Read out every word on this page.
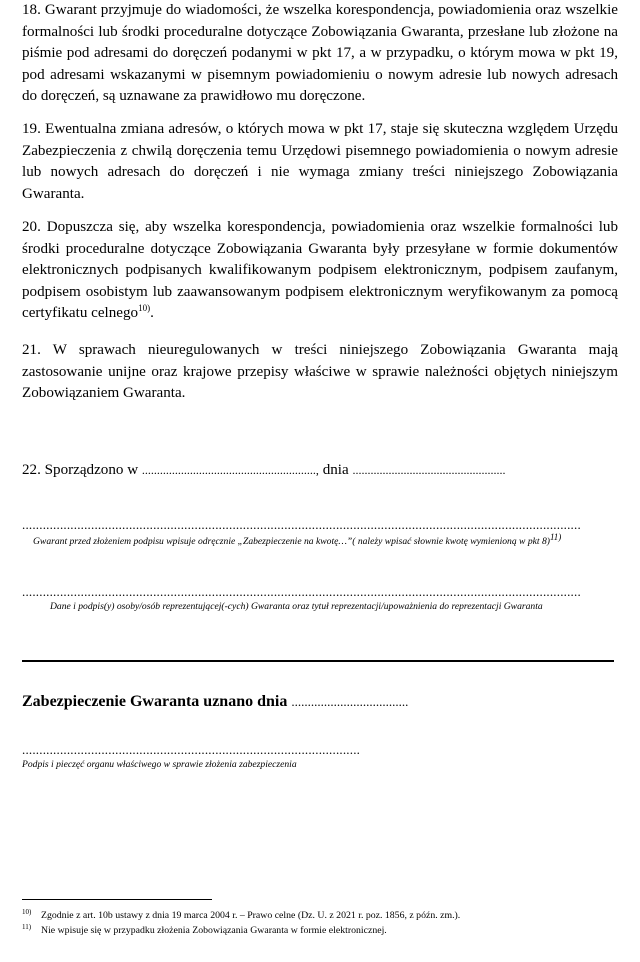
18. Gwarant przyjmuje do wiadomości, że wszelka korespondencja, powiadomienia oraz wszelkie formalności lub środki proceduralne dotyczące Zobowiązania Gwaranta, przesłane lub złożone na piśmie pod adresami do doręczeń podanymi w pkt 17, a w przypadku, o którym mowa w pkt 19, pod adresami wskazanymi w pisemnym powiadomieniu o nowym adresie lub nowych adresach do doręczeń, są uznawane za prawidłowo mu doręczone.

19. Ewentualna zmiana adresów, o których mowa w pkt 17, staje się skuteczna względem Urzędu Zabezpieczenia z chwilą doręczenia temu Urzędowi pisemnego powiadomienia o nowym adresie lub nowych adresach do doręczeń i nie wymaga zmiany treści niniejszego Zobowiązania Gwaranta.

20. Dopuszcza się, aby wszelka korespondencja, powiadomienia oraz wszelkie formalności lub środki proceduralne dotyczące Zobowiązania Gwaranta były przesyłane w formie dokumentów elektronicznych podpisanych kwalifikowanym podpisem elektronicznym, podpisem zaufanym, podpisem osobistym lub zaawansowanym podpisem elektronicznym weryfikowanym za pomocą certyfikatu celnego$^{10)}$.

21. W sprawach nieuregulowanych w treści niniejszego Zobowiązania Gwaranta mają zastosowanie unijne oraz krajowe przepisy właściwe w sprawie należności objętych niniejszym Zobowiązaniem Gwaranta.

22. Sporządzono w .........................................................., dnia ...................................................
..................................................................................................................................................................
Gwarant przed złożeniem podpisu wpisuje odręcznie „Zabezpieczenie na kwotę…”( należy wpisać słownie kwotę wymienioną w pkt 8)$^{11)}$
..................................................................................................................................................................
Dane i podpis(y) osoby/osób reprezentującej(-cych) Gwaranta oraz tytuł reprezentacji/upoważnienia do reprezentacji Gwaranta
Zabezpieczenie Gwaranta uznano dnia ....................................
..................................................................................................
Podpis i pieczęć organu właściwego w sprawie złożenia zabezpieczenia
10) Zgodnie z art. 10b ustawy z dnia 19 marca 2004 r. – Prawo celne (Dz. U. z 2021 r. poz. 1856, z późn. zm.).
11) Nie wpisuje się w przypadku złożenia Zobowiązania Gwaranta w formie elektronicznej.
